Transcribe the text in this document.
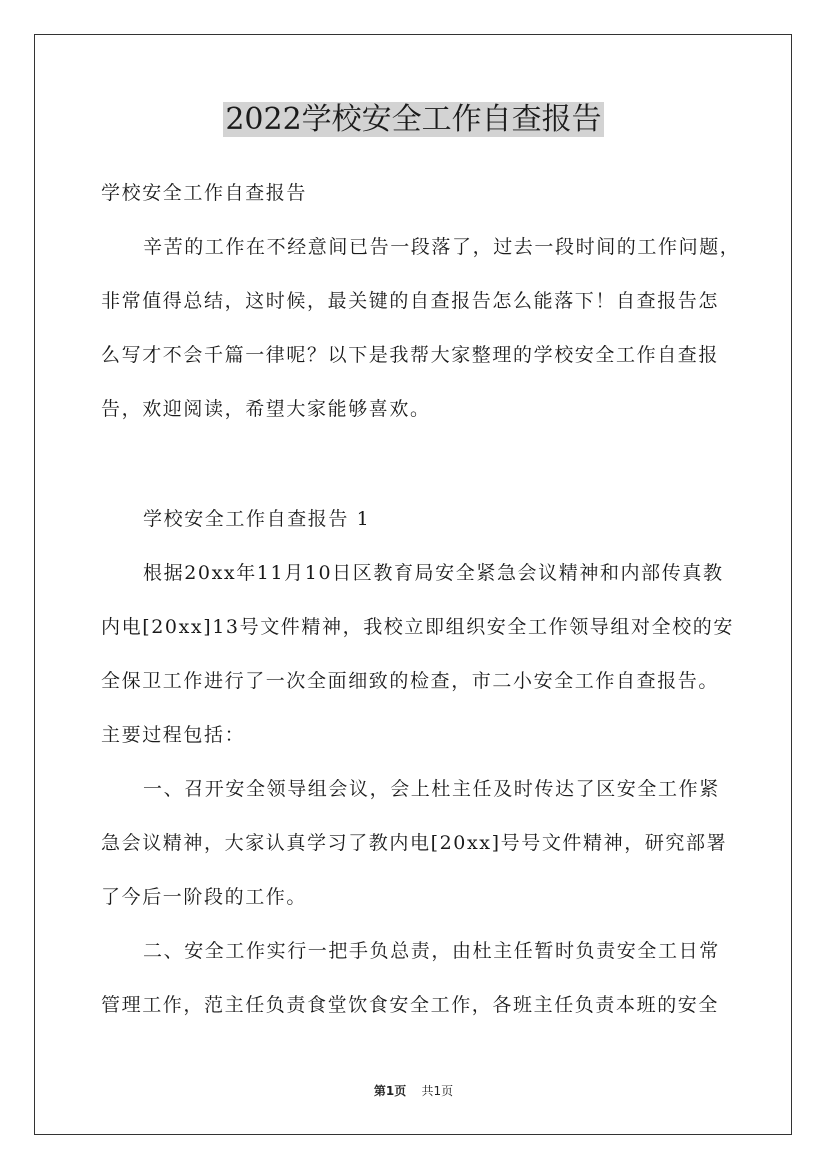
2022学校安全工作自查报告
学校安全工作自查报告
辛苦的工作在不经意间已告一段落了，过去一段时间的工作问题，
非常值得总结，这时候，最关键的自查报告怎么能落下！自查报告怎
么写才不会千篇一律呢？以下是我帮大家整理的学校安全工作自查报
告，欢迎阅读，希望大家能够喜欢。
学校安全工作自查报告 1
根据20xx年11月10日区教育局安全紧急会议精神和内部传真教
内电[20xx]13号文件精神，我校立即组织安全工作领导组对全校的安
全保卫工作进行了一次全面细致的检查，市二小安全工作自查报告。
主要过程包括：
一、召开安全领导组会议，会上杜主任及时传达了区安全工作紧
急会议精神，大家认真学习了教内电[20xx]号号文件精神，研究部署
了今后一阶段的工作。
二、安全工作实行一把手负总责，由杜主任暂时负责安全工日常
管理工作，范主任负责食堂饮食安全工作，各班主任负责本班的安全
第1页 共1页
